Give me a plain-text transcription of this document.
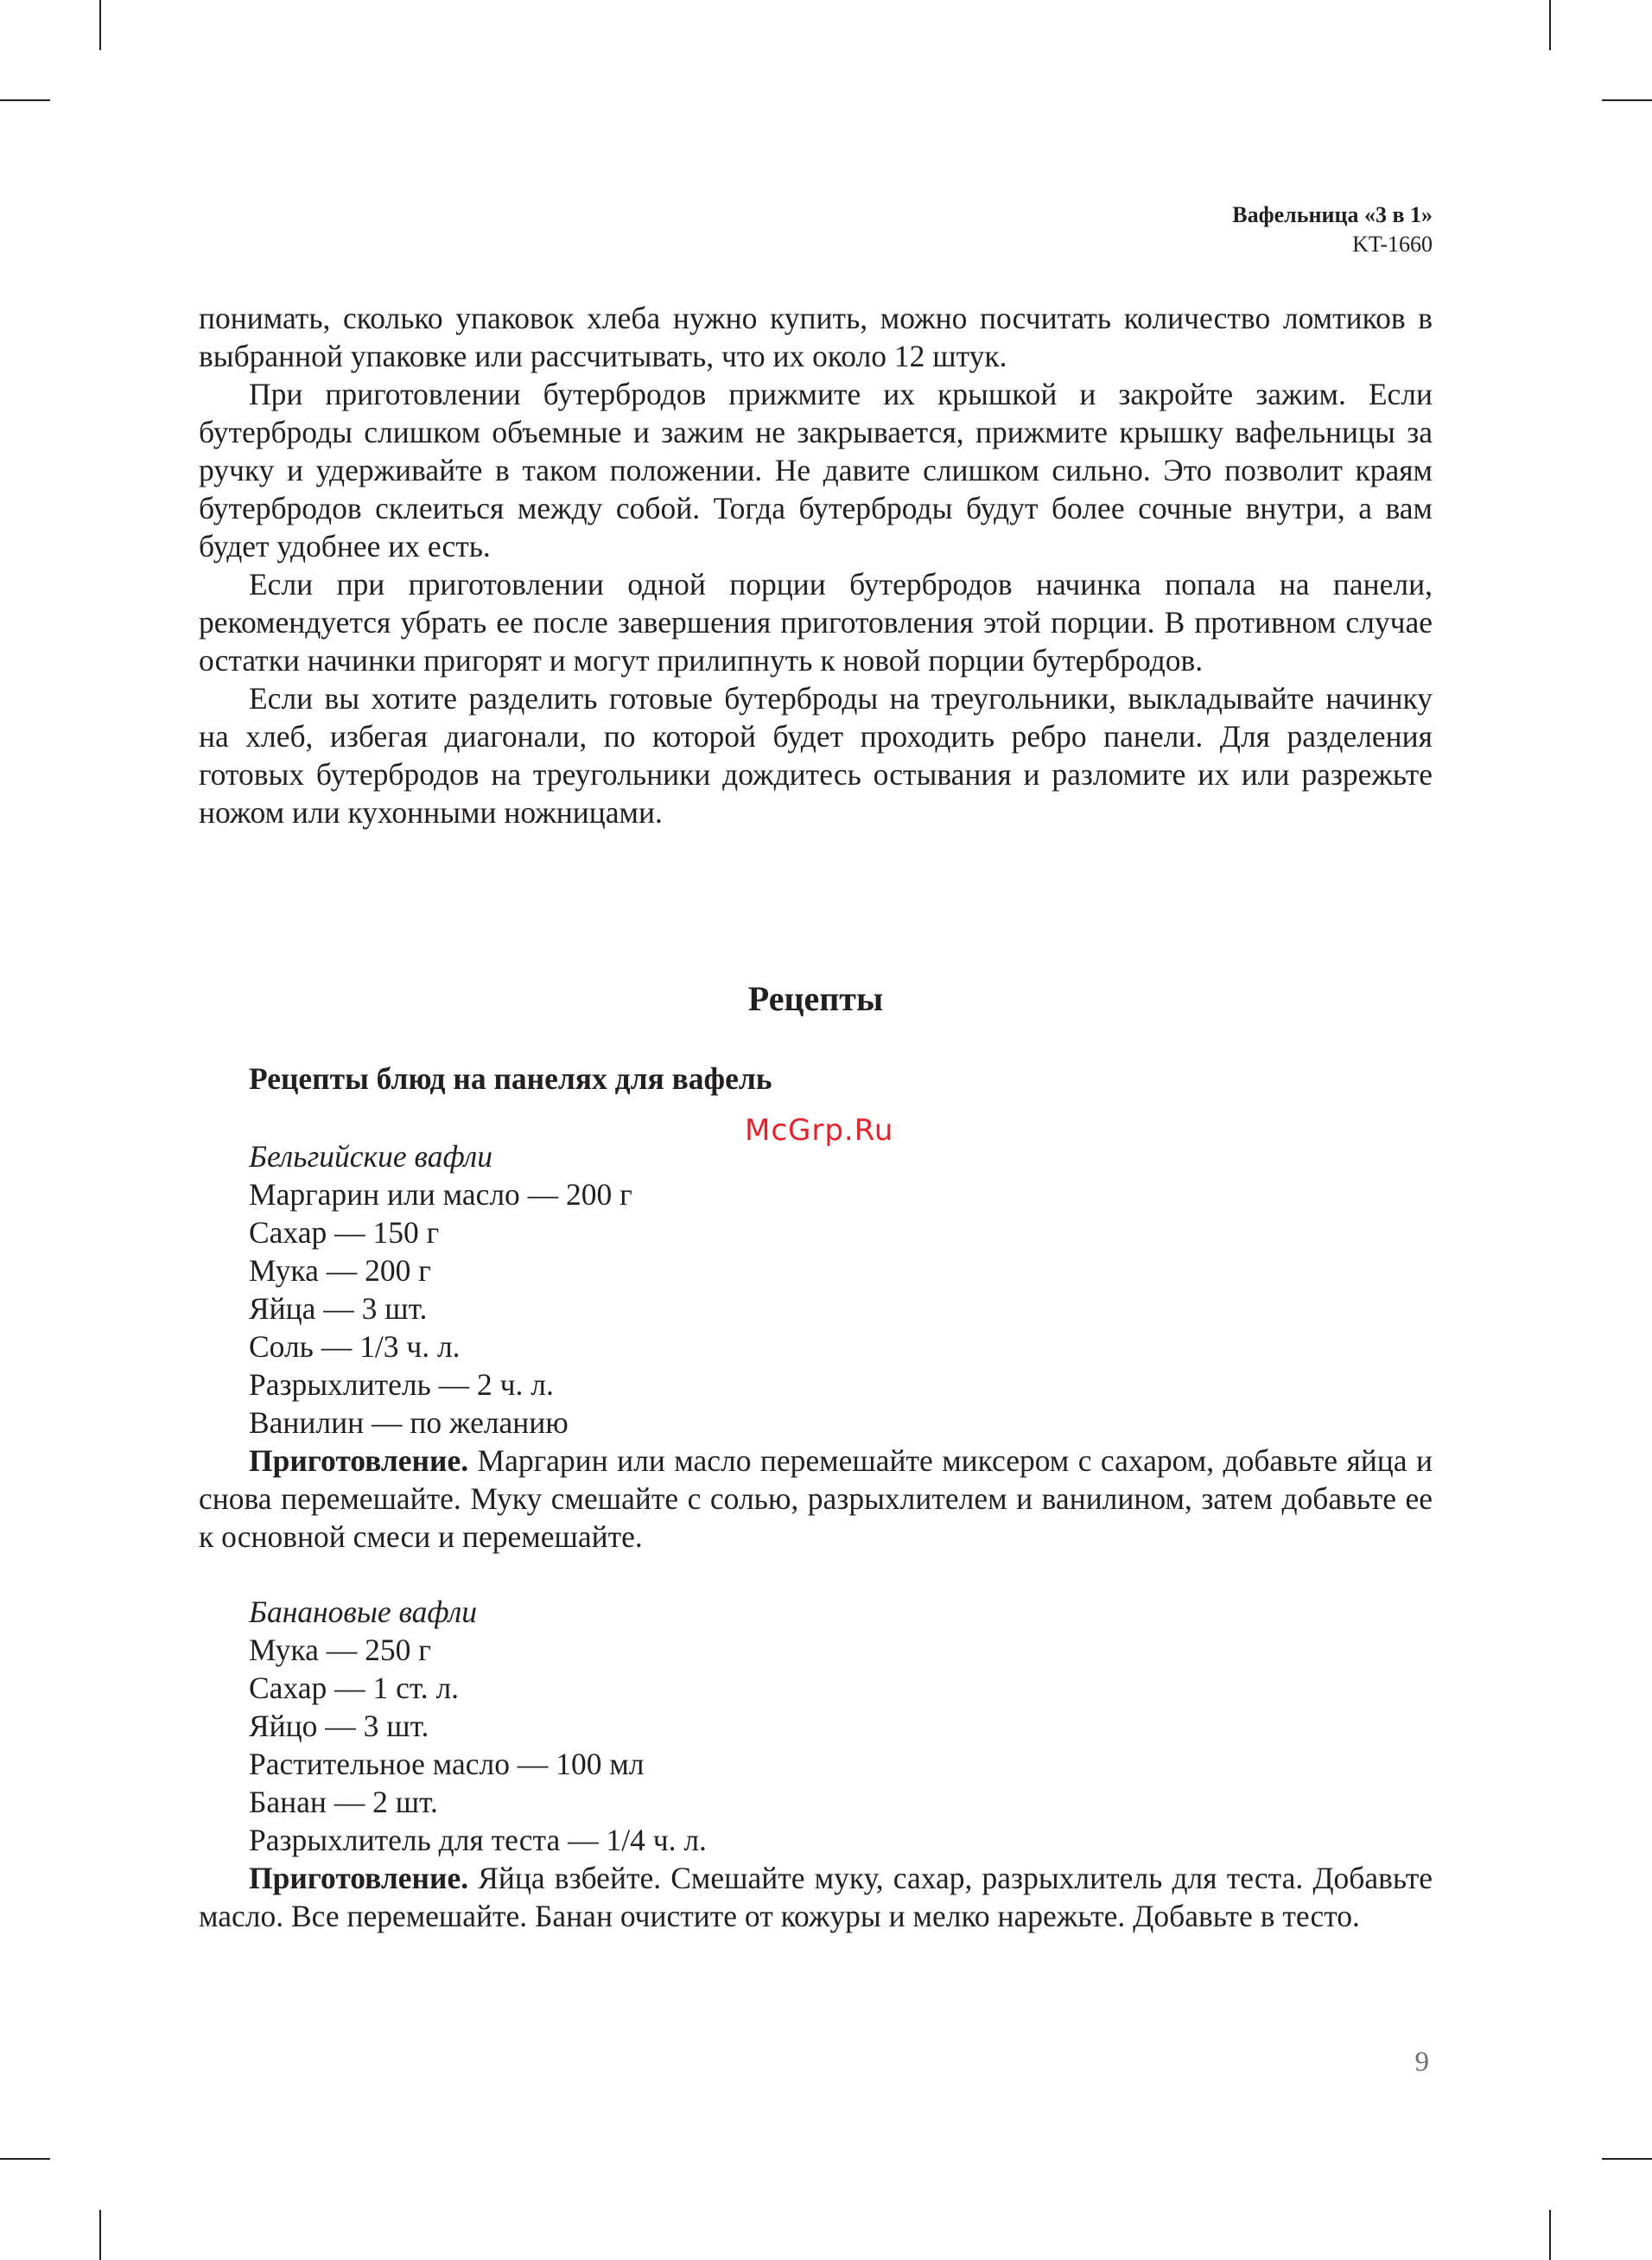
Вафельница «3 в 1»
KT-1660

понимать, сколько упаковок хлеба нужно купить, можно посчитать количество ломтиков в выбранной упаковке или рассчитывать, что их около 12 штук.

При приготовлении бутербродов прижмите их крышкой и закройте зажим. Если бутерброды слишком объемные и зажим не закрывается, прижмите крышку вафельницы за ручку и удерживайте в таком положении. Не давите слишком сильно. Это позволит краям бутербродов склеиться между собой. Тогда бутерброды будут более сочные внутри, а вам будет удобнее их есть.

Если при приготовлении одной порции бутербродов начинка попала на панели, рекомендуется убрать ее после завершения приготовления этой порции. В противном случае остатки начинки пригорят и могут прилипнуть к новой порции бутербродов.

Если вы хотите разделить готовые бутерброды на треугольники, выкладывайте начинку на хлеб, избегая диагонали, по которой будет проходить ребро панели. Для разделения готовых бутербродов на треугольники дождитесь остывания и разломите их или разрежьте ножом или кухонными ножницами.

Рецепты
Рецепты блюд на панелях для вафель
McGrp.Ru
Бельгийские вафли
Маргарин или масло — 200 г
Сахар — 150 г
Мука — 200 г
Яйца — 3 шт.
Соль — 1/3 ч. л.
Разрыхлитель — 2 ч. л.
Ванилин — по желанию

Приготовление. Маргарин или масло перемешайте миксером с сахаром, добавьте яйца и снова перемешайте. Муку смешайте с солью, разрыхлителем и ванилином, затем добавьте ее к основной смеси и перемешайте.

Банановые вафли
Мука — 250 г
Сахар — 1 ст. л.
Яйцо — 3 шт.
Растительное масло — 100 мл
Банан — 2 шт.
Разрыхлитель для теста — 1/4 ч. л.

Приготовление. Яйца взбейте. Смешайте муку, сахар, разрыхлитель для теста. Добавьте масло. Все перемешайте. Банан очистите от кожуры и мелко нарежьте. Добавьте в тесто.

9
